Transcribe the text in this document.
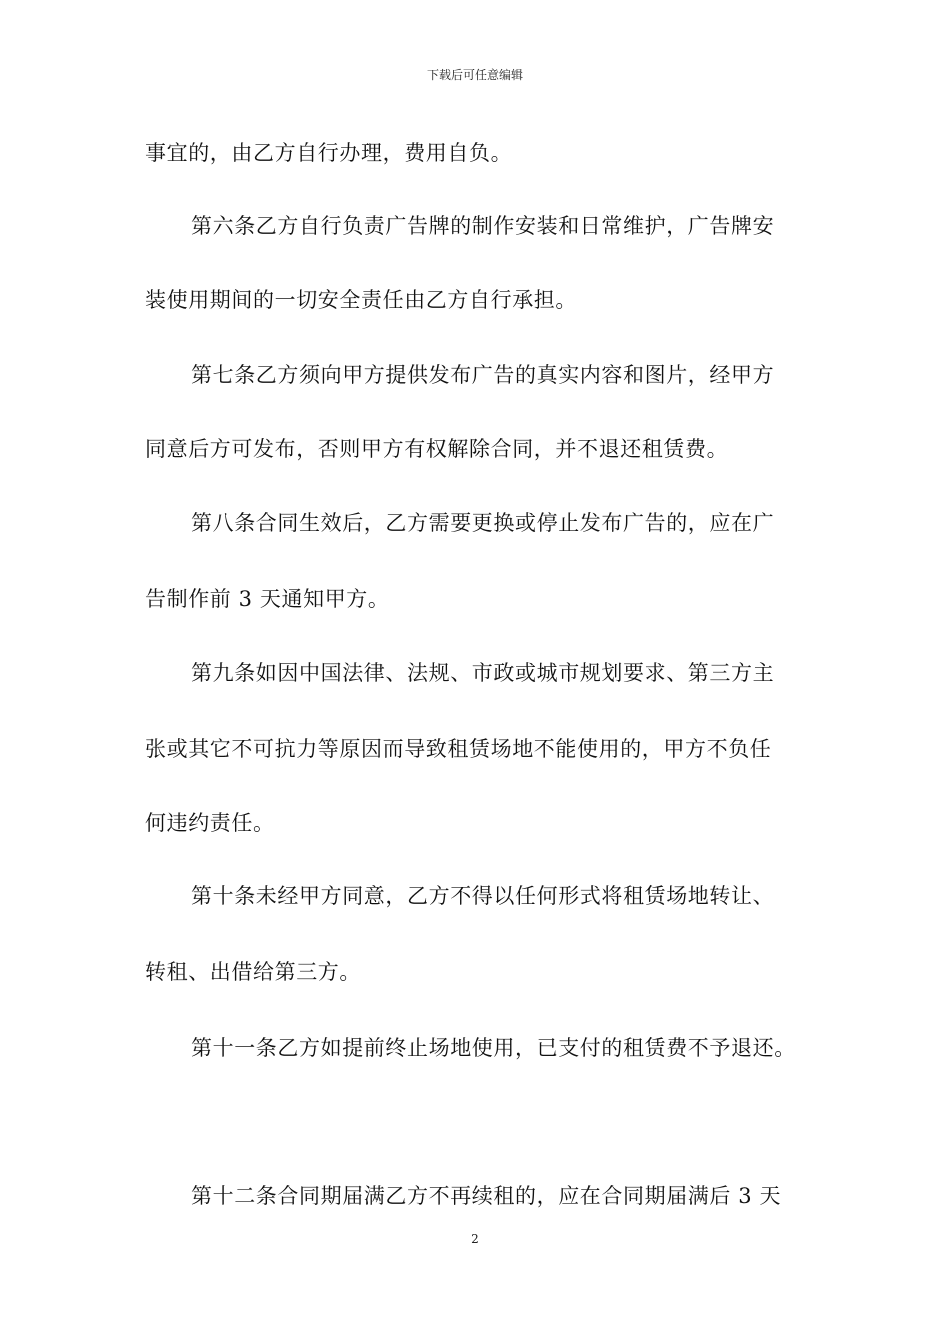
下载后可任意编辑
事宜的，由乙方自行办理，费用自负。
第六条乙方自行负责广告牌的制作安装和日常维护，广告牌安
装使用期间的一切安全责任由乙方自行承担。
第七条乙方须向甲方提供发布广告的真实内容和图片，经甲方
同意后方可发布，否则甲方有权解除合同，并不退还租赁费。
第八条合同生效后，乙方需要更换或停止发布广告的，应在广
告制作前 3 天通知甲方。
第九条如因中国法律、法规、市政或城市规划要求、第三方主
张或其它不可抗力等原因而导致租赁场地不能使用的，甲方不负任
何违约责任。
第十条未经甲方同意，乙方不得以任何形式将租赁场地转让、
转租、出借给第三方。
第十一条乙方如提前终止场地使用，已支付的租赁费不予退还。
第十二条合同期届满乙方不再续租的，应在合同期届满后 3 天
2
